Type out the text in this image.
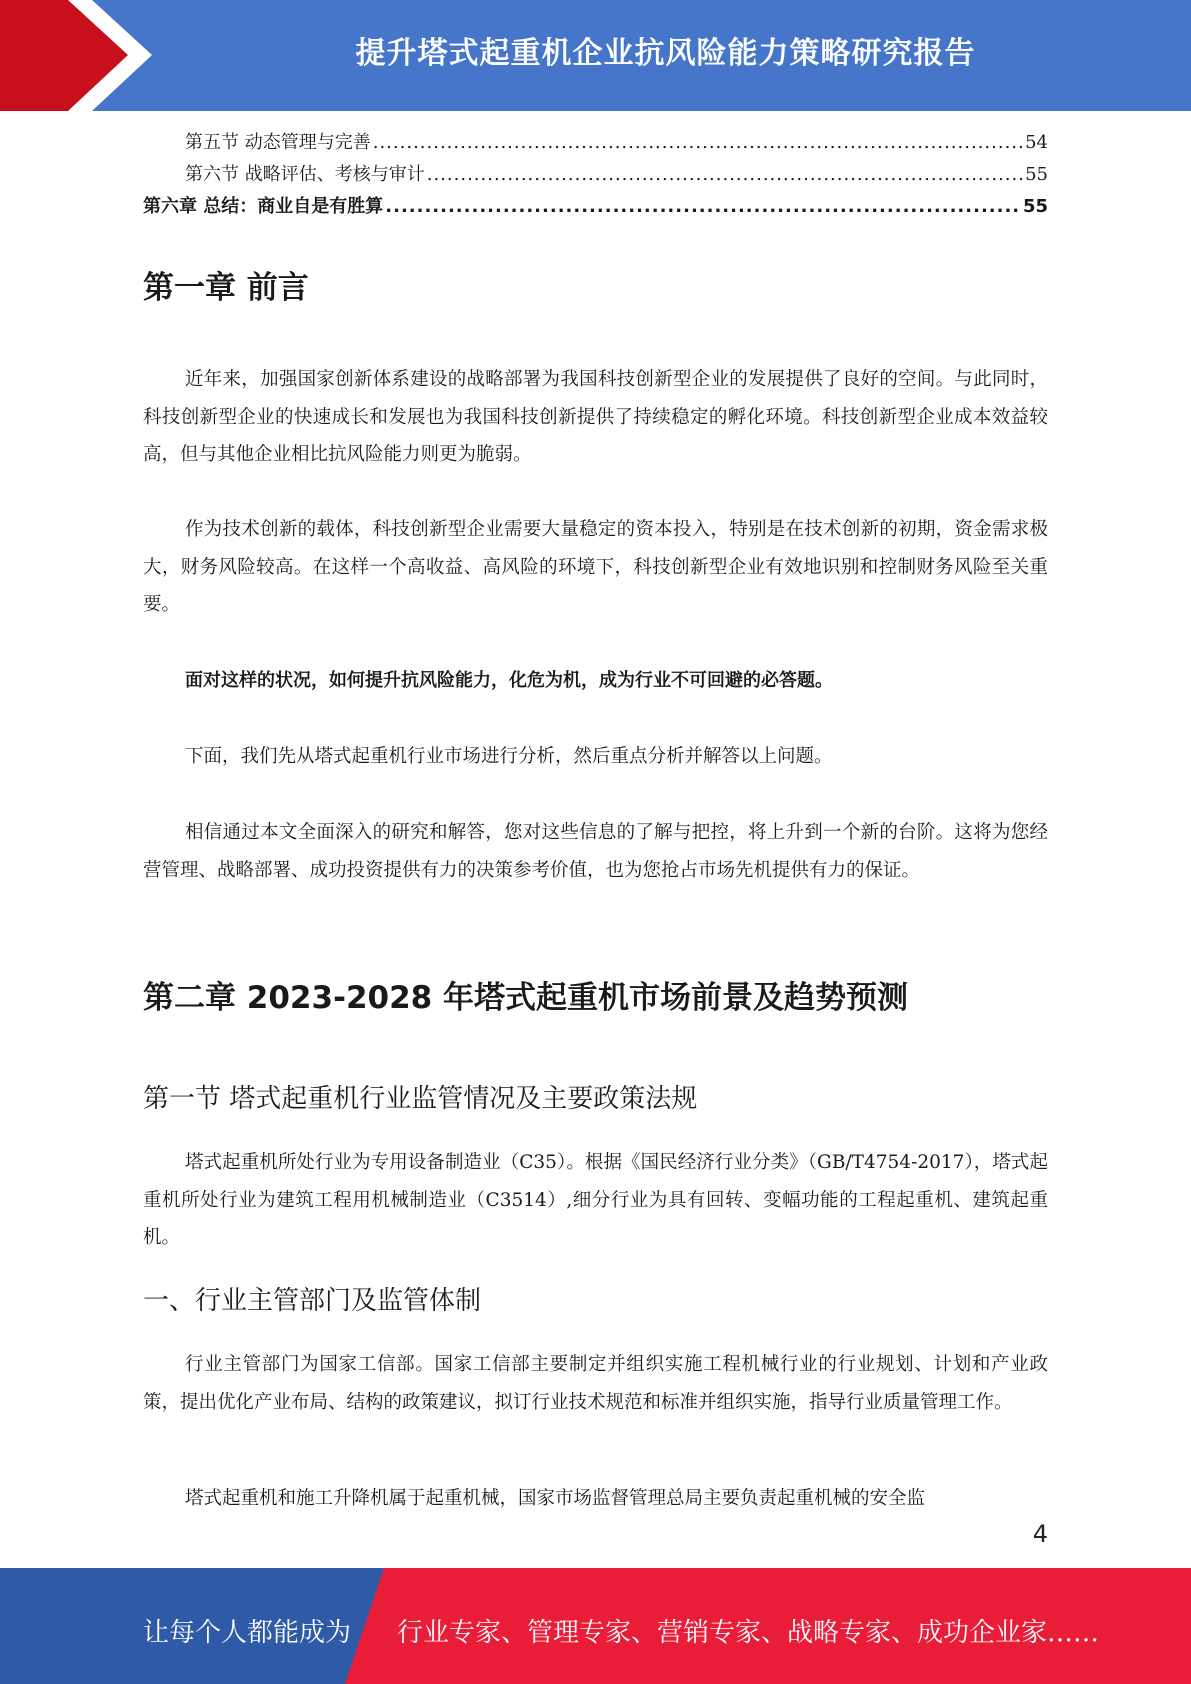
提升塔式起重机企业抗风险能力策略研究报告
第五节 动态管理与完善 .....	54
第六节 战略评估、考核与审计 .....	55
第六章 总结：商业自是有胜算 .....	55
第一章 前言

近年来，加强国家创新体系建设的战略部署为我国科技创新型企业的发展提供了良好的空间。与此同时，科技创新型企业的快速成长和发展也为我国科技创新提供了持续稳定的孵化环境。科技创新型企业成本效益较高，但与其他企业相比抗风险能力则更为脆弱。

作为技术创新的载体，科技创新型企业需要大量稳定的资本投入，特别是在技术创新的初期，资金需求极大，财务风险较高。在这样一个高收益、高风险的环境下，科技创新型企业有效地识别和控制财务风险至关重要。

面对这样的状况，如何提升抗风险能力，化危为机，成为行业不可回避的必答题。

下面，我们先从塔式起重机行业市场进行分析，然后重点分析并解答以上问题。

相信通过本文全面深入的研究和解答，您对这些信息的了解与把控，将上升到一个新的台阶。这将为您经营管理、战略部署、成功投资提供有力的决策参考价值，也为您抢占市场先机提供有力的保证。

第二章 2023-2028 年塔式起重机市场前景及趋势预测
第一节 塔式起重机行业监管情况及主要政策法规

塔式起重机所处行业为专用设备制造业（C35）。根据《国民经济行业分类》（GB/T4754-2017），塔式起重机所处行业为建筑工程用机械制造业（C3514）,细分行业为具有回转、变幅功能的工程起重机、建筑起重机。

一、行业主管部门及监管体制

行业主管部门为国家工信部。国家工信部主要制定并组织实施工程机械行业的行业规划、计划和产业政策，提出优化产业布局、结构的政策建议，拟订行业技术规范和标准并组织实施，指导行业质量管理工作。

塔式起重机和施工升降机属于起重机械，国家市场监督管理总局主要负责起重机械的安全监

4
让每个人都能成为 行业专家、管理专家、营销专家、战略专家、成功企业家……
